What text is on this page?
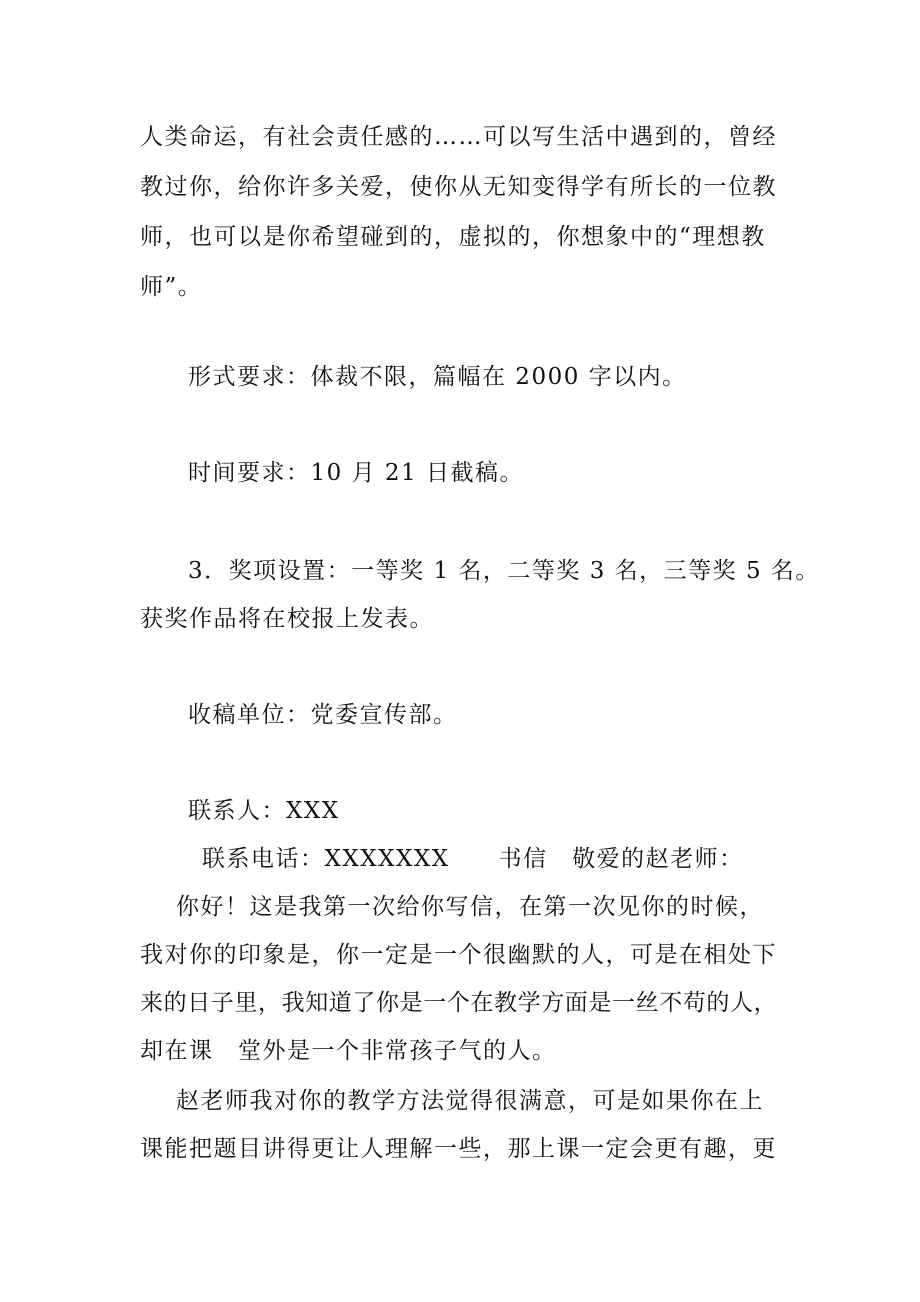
人类命运，有社会责任感的……可以写生活中遇到的，曾经
教过你，给你许多关爱，使你从无知变得学有所长的一位教
师，也可以是你希望碰到的，虚拟的，你想象中的“理想教
师”。
形式要求：体裁不限，篇幅在 2000 字以内。
时间要求：10 月 21 日截稿。
3．奖项设置：一等奖 1 名，二等奖 3 名，三等奖 5 名。
获奖作品将在校报上发表。
收稿单位：党委宣传部。
联系人：XXX
联系电话：XXXXXXX　　书信　敬爱的赵老师：
你好！这是我第一次给你写信，在第一次见你的时候，
我对你的印象是，你一定是一个很幽默的人，可是在相处下
来的日子里，我知道了你是一个在教学方面是一丝不苟的人，
却在课　堂外是一个非常孩子气的人。
赵老师我对你的教学方法觉得很满意，可是如果你在上
课能把题目讲得更让人理解一些，那上课一定会更有趣，更
